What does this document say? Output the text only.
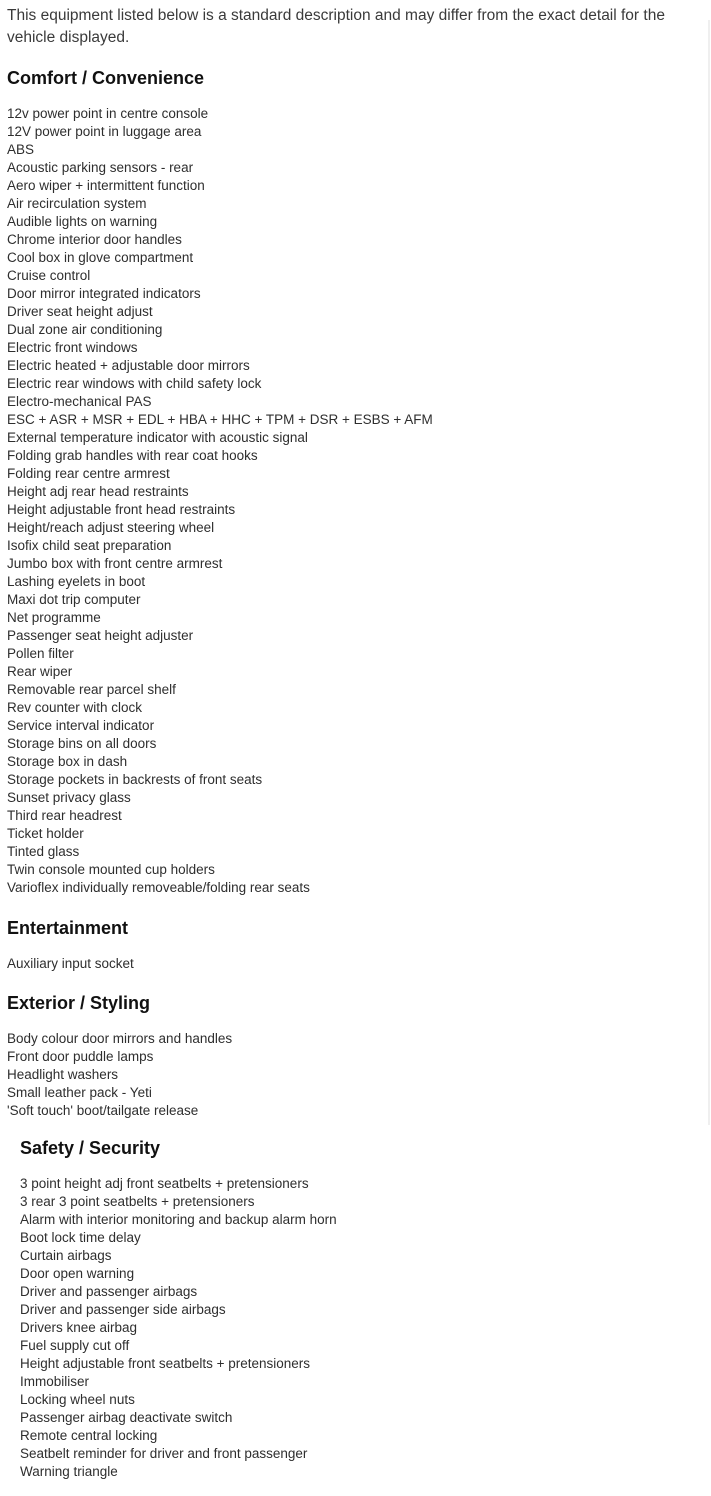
This equipment listed below is a standard description and may differ from the exact detail for the vehicle displayed.
Comfort / Convenience
12v power point in centre console
12V power point in luggage area
ABS
Acoustic parking sensors - rear
Aero wiper + intermittent function
Air recirculation system
Audible lights on warning
Chrome interior door handles
Cool box in glove compartment
Cruise control
Door mirror integrated indicators
Driver seat height adjust
Dual zone air conditioning
Electric front windows
Electric heated + adjustable door mirrors
Electric rear windows with child safety lock
Electro-mechanical PAS
ESC + ASR + MSR + EDL + HBA + HHC + TPM + DSR + ESBS + AFM
External temperature indicator with acoustic signal
Folding grab handles with rear coat hooks
Folding rear centre armrest
Height adj rear head restraints
Height adjustable front head restraints
Height/reach adjust steering wheel
Isofix child seat preparation
Jumbo box with front centre armrest
Lashing eyelets in boot
Maxi dot trip computer
Net programme
Passenger seat height adjuster
Pollen filter
Rear wiper
Removable rear parcel shelf
Rev counter with clock
Service interval indicator
Storage bins on all doors
Storage box in dash
Storage pockets in backrests of front seats
Sunset privacy glass
Third rear headrest
Ticket holder
Tinted glass
Twin console mounted cup holders
Varioflex individually removeable/folding rear seats
Entertainment
Auxiliary input socket
Exterior / Styling
Body colour door mirrors and handles
Front door puddle lamps
Headlight washers
Small leather pack - Yeti
'Soft touch' boot/tailgate release
Safety / Security
3 point height adj front seatbelts + pretensioners
3 rear 3 point seatbelts + pretensioners
Alarm with interior monitoring and backup alarm horn
Boot lock time delay
Curtain airbags
Door open warning
Driver and passenger airbags
Driver and passenger side airbags
Drivers knee airbag
Fuel supply cut off
Height adjustable front seatbelts + pretensioners
Immobiliser
Locking wheel nuts
Passenger airbag deactivate switch
Remote central locking
Seatbelt reminder for driver and front passenger
Warning triangle
